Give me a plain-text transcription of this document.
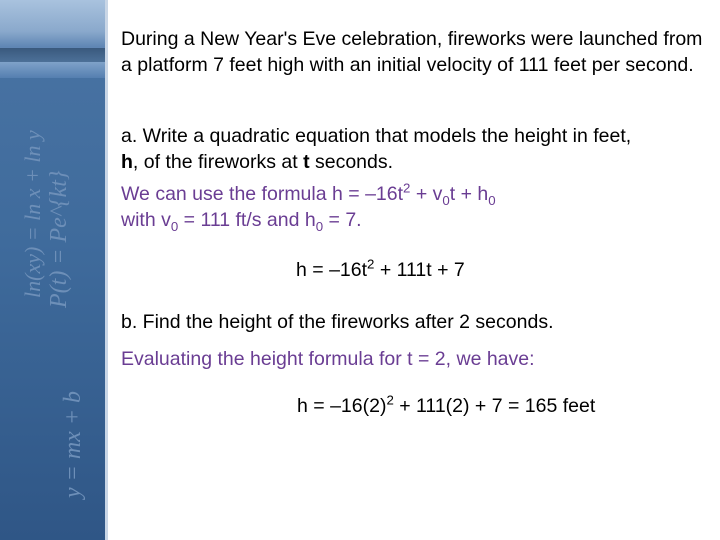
ln(xy) = ln x + ln y P(t) = Pe^{kt}
y = mx + b

During a New Year's Eve celebration, fireworks were launched from a platform 7 feet high with an initial velocity of 111 feet per second.

a. Write a quadratic equation that models the height in feet,
h, of the fireworks at t seconds.

We can use the formula $h = -16t^2 + v_0t + h_0$
with $v_0 = 111$ ft/s and $h_0 = 7$.

$h = -16t^2 + 111t + 7$

b. Find the height of the fireworks after 2 seconds.

Evaluating the height formula for t = 2, we have:

$h = -16(2)^2 + 111(2) + 7 = 165$ feet
